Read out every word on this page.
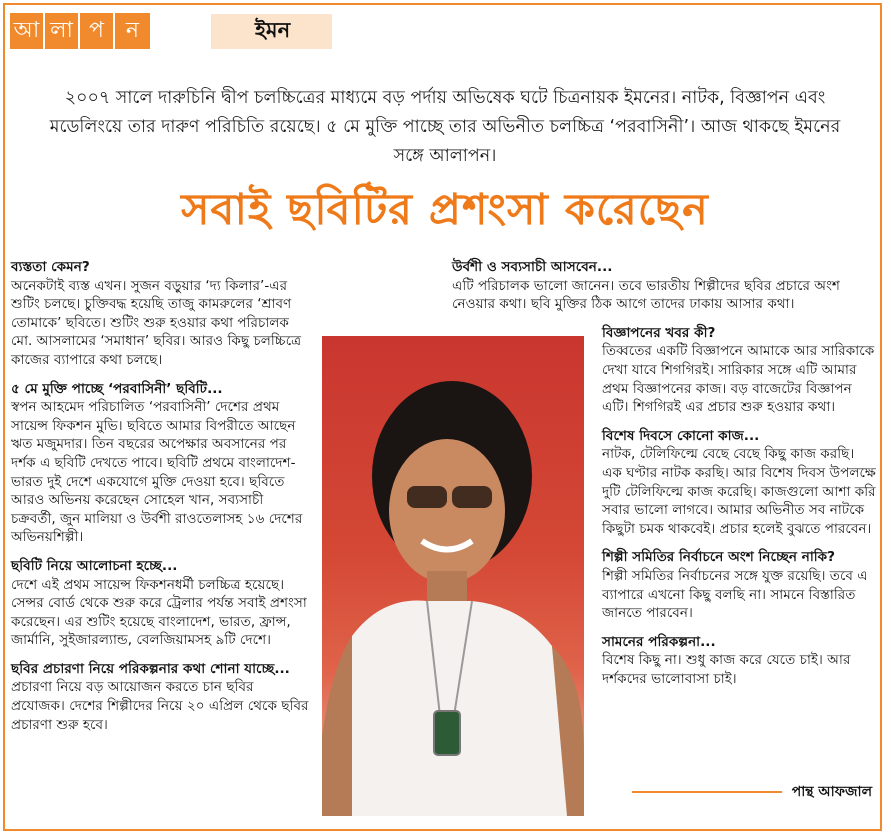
আ লা প ন	ইমন
২০০৭ সালে দারুচিনি দ্বীপ চলচ্চিত্রের মাধ্যমে বড় পর্দায় অভিষেক ঘটে চিত্রনায়ক ইমনের। নাটক, বিজ্ঞাপন এবং মডেলিংয়ে তার দারুণ পরিচিতি রয়েছে। ৫ মে মুক্তি পাচ্ছে তার অভিনীত চলচ্চিত্র ‘পরবাসিনী’। আজ থাকছে ইমনের সঙ্গে আলাপন।
সবাই ছবিটির প্রশংসা করেছেন
ব্যস্ততা কেমন?
অনেকটাই ব্যস্ত এখন। সুজন বড়ুয়ার ‘দ্য কিলার’-এর শুটিং চলছে। চুক্তিবদ্ধ হয়েছি তাজু কামরুলের ‘শ্রাবণ তোমাকে’ ছবিতে। শুটিং শুরু হওয়ার কথা পরিচালক মো. আসলামের ‘সমাধান’ ছবির। আরও কিছু চলচ্চিত্রে কাজের ব্যাপারে কথা চলছে।
৫ মে মুক্তি পাচ্ছে ‘পরবাসিনী’ ছবিটি...
স্বপন আহমেদ পরিচালিত ‘পরবাসিনী’ দেশের প্রথম সায়েন্স ফিকশন মুভি। ছবিতে আমার বিপরীতে আছেন ঋত মজুমদার। তিন বছরের অপেক্ষার অবসানের পর দর্শক এ ছবিটি দেখতে পাবে। ছবিটি প্রথমে বাংলাদেশ-ভারত দুই দেশে একযোগে মুক্তি দেওয়া হবে। ছবিতে আরও অভিনয় করেছেন সোহেল খান, সব্যসাচী চক্রবর্তী, জুন মালিয়া ও উর্বশী রাওতেলাসহ ১৬ দেশের অভিনয়শিল্পী।
ছবিটি নিয়ে আলোচনা হচ্ছে...
দেশে এই প্রথম সায়েন্স ফিকশনধর্মী চলচ্চিত্র হয়েছে। সেন্সর বোর্ড থেকে শুরু করে ট্রেলার পর্যন্ত সবাই প্রশংসা করেছেন। এর শুটিং হয়েছে বাংলাদেশ, ভারত, ফ্রান্স, জার্মানি, সুইজারল্যান্ড, বেলজিয়ামসহ ৯টি দেশে।
ছবির প্রচারণা নিয়ে পরিকল্পনার কথা শোনা যাচ্ছে...
প্রচারণা নিয়ে বড় আয়োজন করতে চান ছবির প্রযোজক। দেশের শিল্পীদের নিয়ে ২০ এপ্রিল থেকে ছবির প্রচারণা শুরু হবে।
উর্বশী ও সব্যসাচী আসবেন...
এটি পরিচালক ভালো জানেন। তবে ভারতীয় শিল্পীদের ছবির প্রচারে অংশ নেওয়ার কথা। ছবি মুক্তির ঠিক আগে তাদের ঢাকায় আসার কথা।
বিজ্ঞাপনের খবর কী?
তিব্বতের একটি বিজ্ঞাপনে আমাকে আর সারিকাকে দেখা যাবে শিগগিরই। সারিকার সঙ্গে এটি আমার প্রথম বিজ্ঞাপনের কাজ। বড় বাজেটের বিজ্ঞাপন এটি। শিগগিরই এর প্রচার শুরু হওয়ার কথা।
বিশেষ দিবসে কোনো কাজ...
নাটক, টেলিফিল্মে বেছে বেছে কিছু কাজ করছি। এক ঘণ্টার নাটক করছি। আর বিশেষ দিবস উপলক্ষে দুটি টেলিফিল্মে কাজ করেছি। কাজগুলো আশা করি সবার ভালো লাগবে। আমার অভিনীত সব নাটকে কিছুটা চমক থাকবেই। প্রচার হলেই বুঝতে পারবেন।
শিল্পী সমিতির নির্বাচনে অংশ নিচ্ছেন নাকি?
শিল্পী সমিতির নির্বাচনের সঙ্গে যুক্ত রয়েছি। তবে এ ব্যাপারে এখনো কিছু বলছি না। সামনে বিস্তারিত জানতে পারবেন।
সামনের পরিকল্পনা...
বিশেষ কিছু না। শুধু কাজ করে যেতে চাই। আর দর্শকদের ভালোবাসা চাই।
পান্থ আফজাল
